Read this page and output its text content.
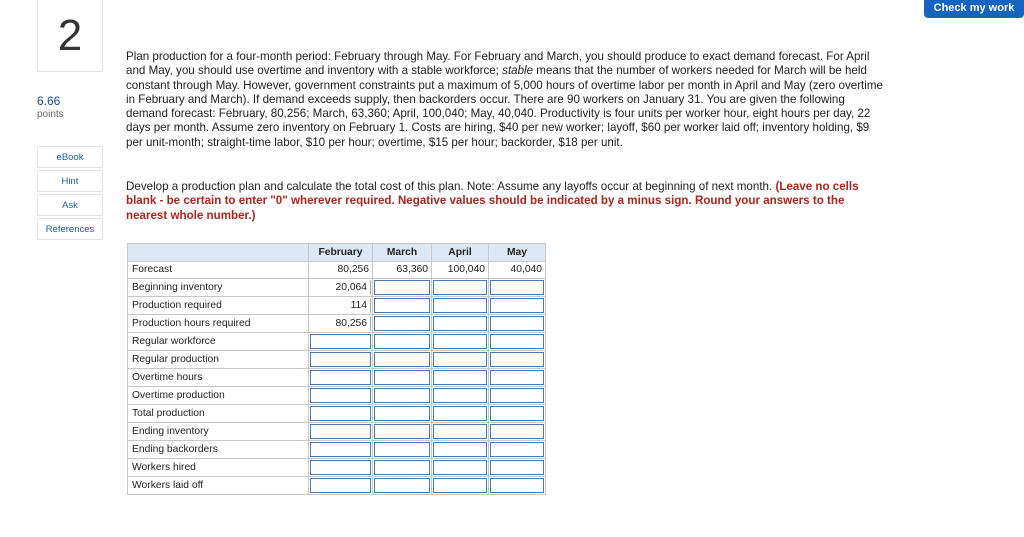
2
6.66
points
eBook
Hint
Ask
References
Check my work
Plan production for a four-month period: February through May. For February and March, you should produce to exact demand forecast. For April and May, you should use overtime and inventory with a stable workforce; stable means that the number of workers needed for March will be held constant through May. However, government constraints put a maximum of 5,000 hours of overtime labor per month in April and May (zero overtime in February and March). If demand exceeds supply, then backorders occur. There are 90 workers on January 31. You are given the following demand forecast: February, 80,256; March, 63,360; April, 100,040; May, 40,040. Productivity is four units per worker hour, eight hours per day, 22 days per month. Assume zero inventory on February 1. Costs are hiring, $40 per new worker; layoff, $60 per worker laid off; inventory holding, $9 per unit-month; straight-time labor, $10 per hour; overtime, $15 per hour; backorder, $18 per unit.
Develop a production plan and calculate the total cost of this plan. Note: Assume any layoffs occur at beginning of next month. (Leave no cells blank - be certain to enter "0" wherever required. Negative values should be indicated by a minus sign. Round your answers to the nearest whole number.)
	February	March	April	May
Forecast	80,256	63,360	100,040	40,040
Beginning inventory	20,064			

Production required	114			

Production hours required	80,256			

Regular workforce	

Regular production	

Overtime hours	

Overtime production	

Total production	

Ending inventory	

Ending backorders	

Workers hired	

Workers laid off	
